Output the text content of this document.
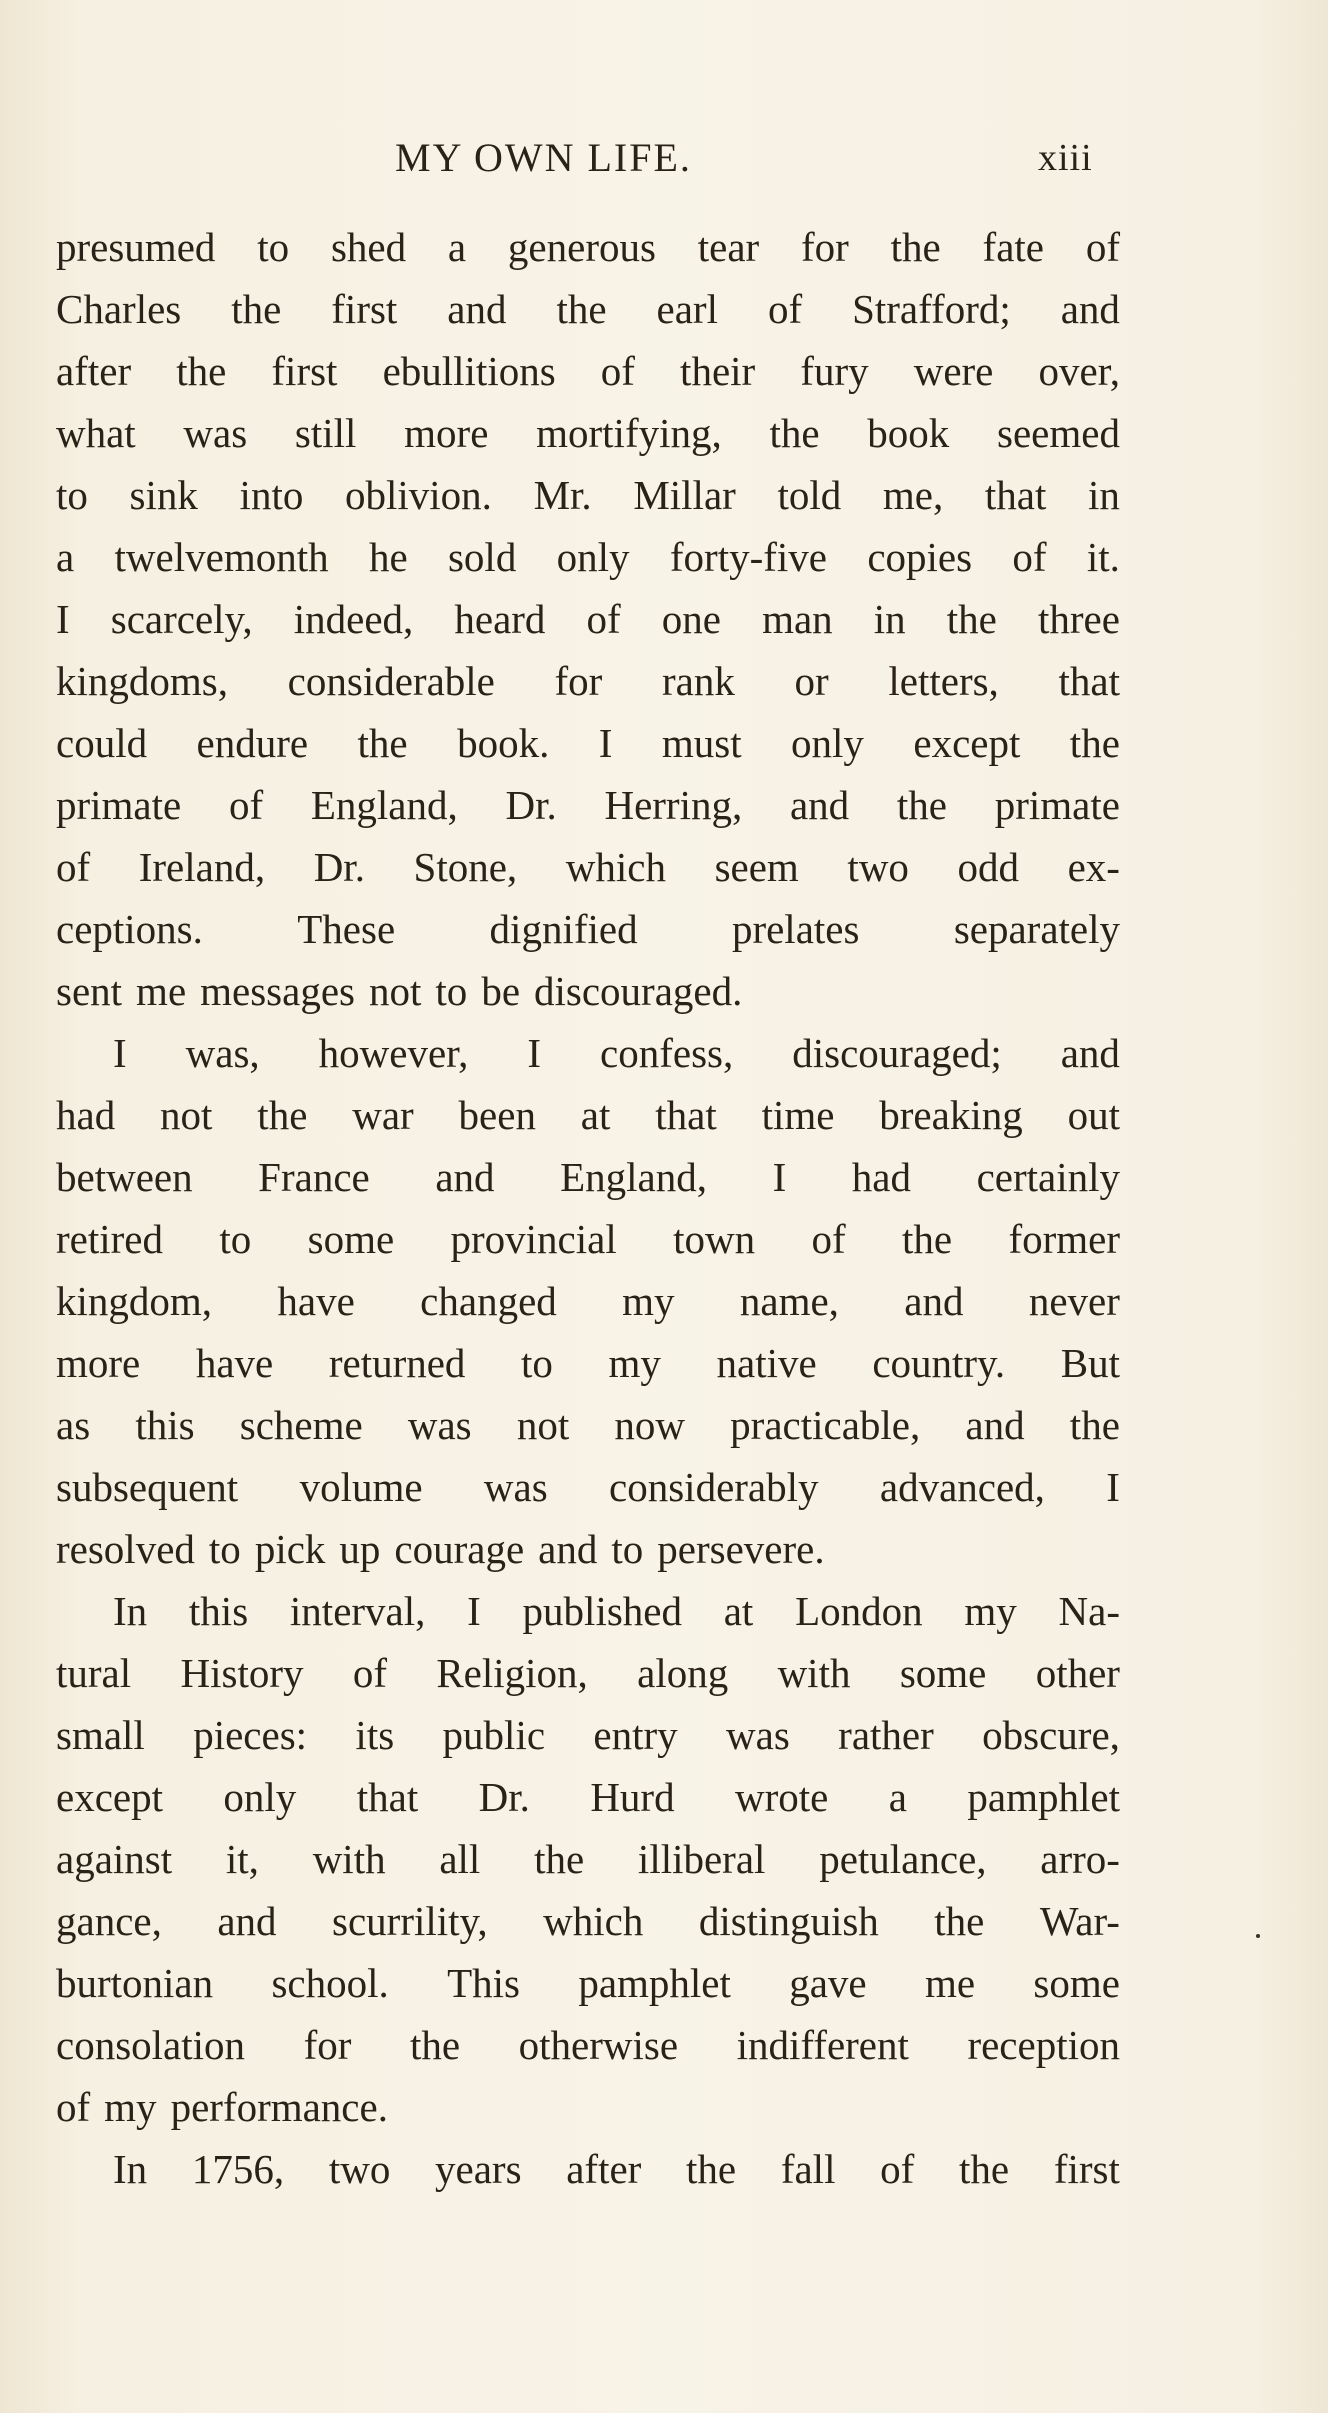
MY OWN LIFE.	xiii
presumed to shed a generous tear for the fate of
Charles the first and the earl of Strafford; and
after the first ebullitions of their fury were over,
what was still more mortifying, the book seemed
to sink into oblivion. Mr. Millar told me, that in
a twelvemonth he sold only forty-five copies of it.
I scarcely, indeed, heard of one man in the three
kingdoms, considerable for rank or letters, that
could endure the book. I must only except the
primate of England, Dr. Herring, and the primate
of Ireland, Dr. Stone, which seem two odd ex-
ceptions. These dignified prelates separately
sent me messages not to be discouraged.
I was, however, I confess, discouraged; and
had not the war been at that time breaking out
between France and England, I had certainly
retired to some provincial town of the former
kingdom, have changed my name, and never
more have returned to my native country. But
as this scheme was not now practicable, and the
subsequent volume was considerably advanced, I
resolved to pick up courage and to persevere.
In this interval, I published at London my Na-
tural History of Religion, along with some other
small pieces: its public entry was rather obscure,
except only that Dr. Hurd wrote a pamphlet
against it, with all the illiberal petulance, arro-
gance, and scurrility, which distinguish the War-
burtonian school. This pamphlet gave me some
consolation for the otherwise indifferent reception
of my performance.
In 1756, two years after the fall of the first
